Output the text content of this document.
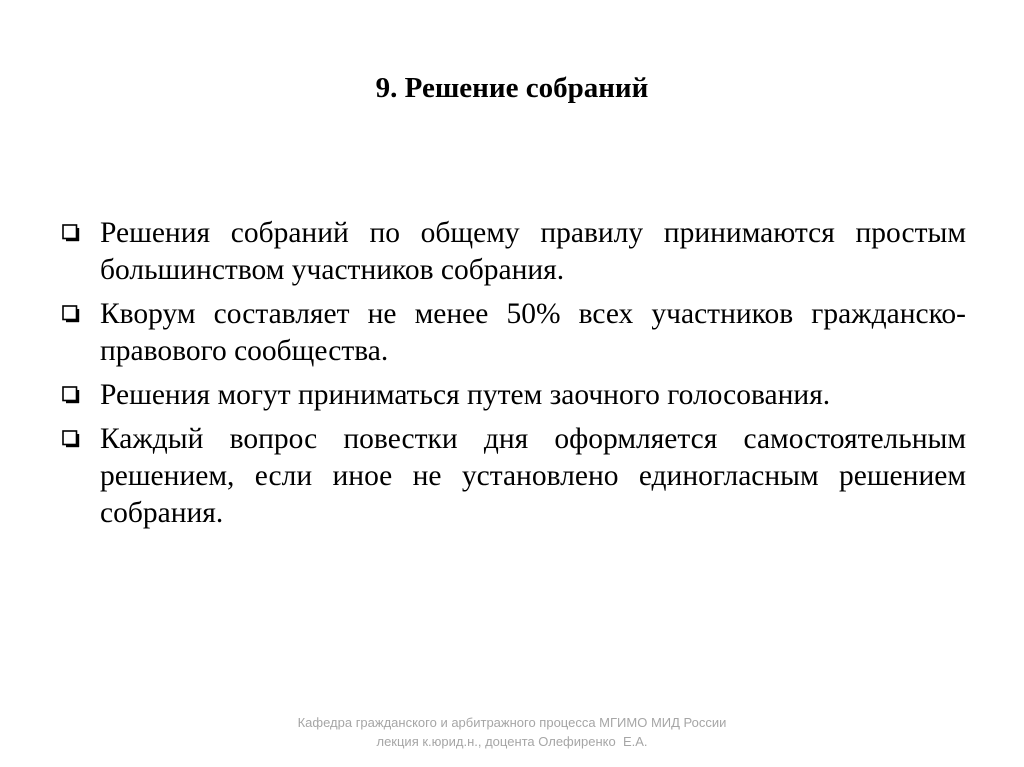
9. Решение собраний
Решения собраний по общему правилу принимаются простым большинством участников собрания.
Кворум составляет не менее 50% всех участников гражданско-правового сообщества.
Решения могут приниматься путем заочного голосования.
Каждый вопрос повестки дня оформляется самостоятельным решением, если иное не установлено единогласным решением собрания.
Кафедра гражданского и арбитражного процесса МГИМО МИД России
лекция к.юрид.н., доцента Олефиренко  Е.А.
